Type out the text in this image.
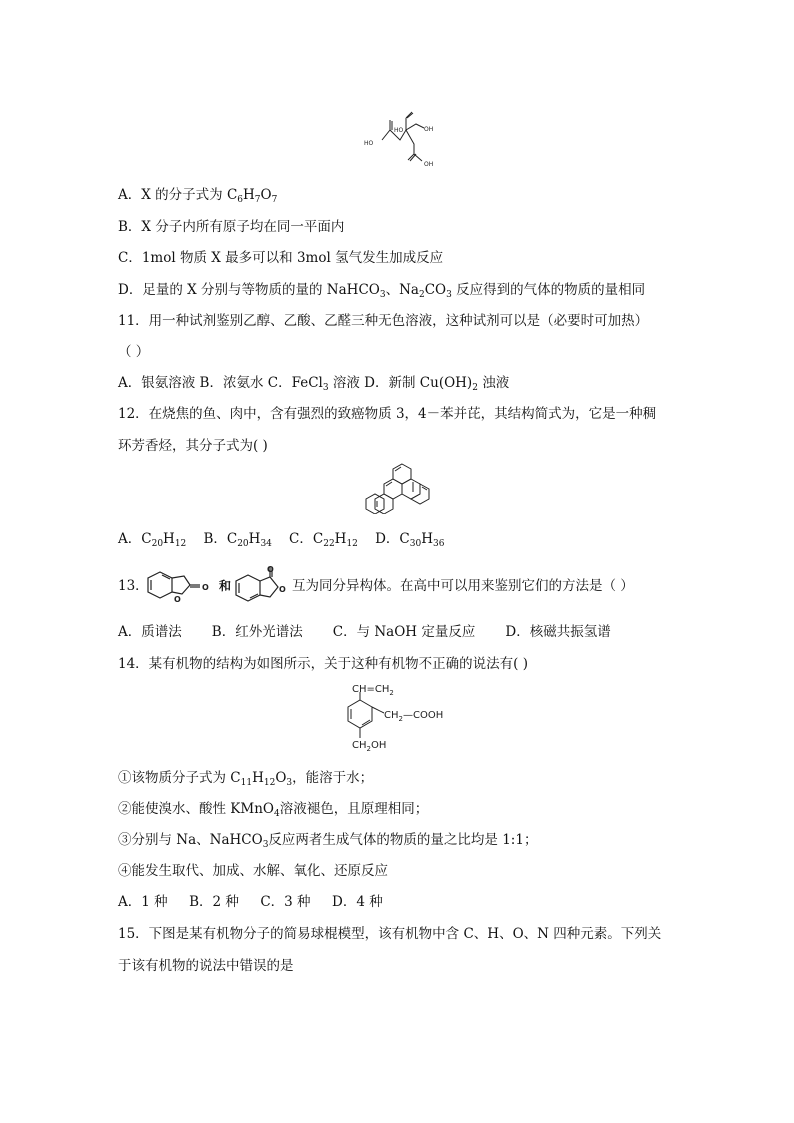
HO
HO	OH
OH
A．X 的分子式为 $C_6H_7O_7$
B．X 分子内所有原子均在同一平面内
C．1mol 物质 X 最多可以和 3mol 氢气发生加成反应
D．足量的 X 分别与等物质的量的 NaHCO$_3$、$Na_2CO_3$ 反应得到的气体的物质的量相同
11．用一种试剂鉴别乙醇、乙酸、乙醛三种无色溶液，这种试剂可以是（必要时可加热）
（ ）
A．银氨溶液 B．浓氨水 C．FeCl$_3$ 溶液 D．新制 $Cu(OH)_2$ 浊液
12．在烧焦的鱼、肉中，含有强烈的致癌物质 3，4－苯并芘，其结构简式为，它是一种稠
环芳香烃，其分子式为( )
A．$C_{20}H_{12}$    B．$C_{20}H_{34}$    C．$C_{22}H_{12}$    D．$C_{30}H_{36}$
13．
O
O 和
O
O 互为同分异构体。在高中可以用来鉴别它们的方法是（ ）
A．质谱法       B．红外光谱法       C．与 NaOH 定量反应       D．核磁共振氢谱
14．某有机物的结构为如图所示，关于这种有机物不正确的说法有( )
$CH=CH_2$
$CH_2—COOH$
$CH_2OH$
①该物质分子式为 $C_{11}H_{12}O_3$，能溶于水；
②能使溴水、酸性 KMnO$_4$溶液褪色，且原理相同；
③分别与 Na、NaHCO$_3$反应两者生成气体的物质的量之比均是 1:1；
④能发生取代、加成、水解、氧化、还原反应
A．1 种     B．2 种     C．3 种     D．4 种
15．下图是某有机物分子的简易球棍模型，该有机物中含 C、H、O、N 四种元素。下列关
于该有机物的说法中错误的是
